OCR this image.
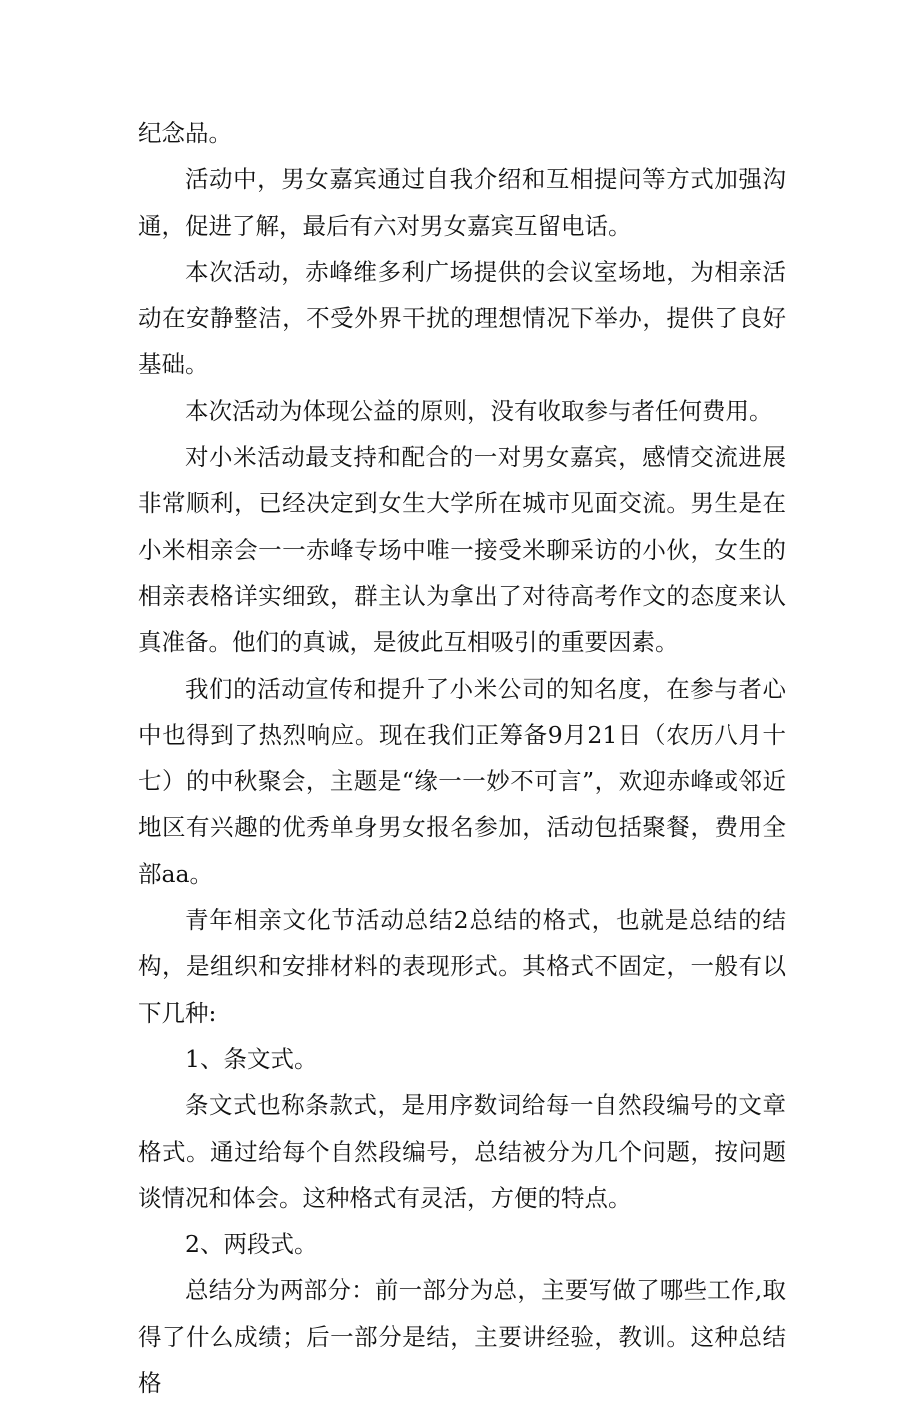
纪念品。

活动中，男女嘉宾通过自我介绍和互相提问等方式加强沟通，促进了解，最后有六对男女嘉宾互留电话。

本次活动，赤峰维多利广场提供的会议室场地，为相亲活动在安静整洁，不受外界干扰的理想情况下举办，提供了良好基础。

本次活动为体现公益的原则，没有收取参与者任何费用。

对小米活动最支持和配合的一对男女嘉宾，感情交流进展非常顺利，已经决定到女生大学所在城市见面交流。男生是在小米相亲会一一赤峰专场中唯一接受米聊采访的小伙，女生的相亲表格详实细致，群主认为拿出了对待高考作文的态度来认真准备。他们的真诚，是彼此互相吸引的重要因素。

我们的活动宣传和提升了小米公司的知名度，在参与者心中也得到了热烈响应。现在我们正筹备9月21日（农历八月十七）的中秋聚会，主题是“缘一一妙不可言”，欢迎赤峰或邻近地区有兴趣的优秀单身男女报名参加，活动包括聚餐，费用全部aa。

青年相亲文化节活动总结2总结的格式，也就是总结的结构，是组织和安排材料的表现形式。其格式不固定，一般有以下几种:

1、条文式。

条文式也称条款式，是用序数词给每一自然段编号的文章格式。通过给每个自然段编号，总结被分为几个问题，按问题谈情况和体会。这种格式有灵活，方便的特点。

2、两段式。

总结分为两部分：前一部分为总，主要写做了哪些工作,取得了什么成绩；后一部分是结，主要讲经验，教训。这种总结格
